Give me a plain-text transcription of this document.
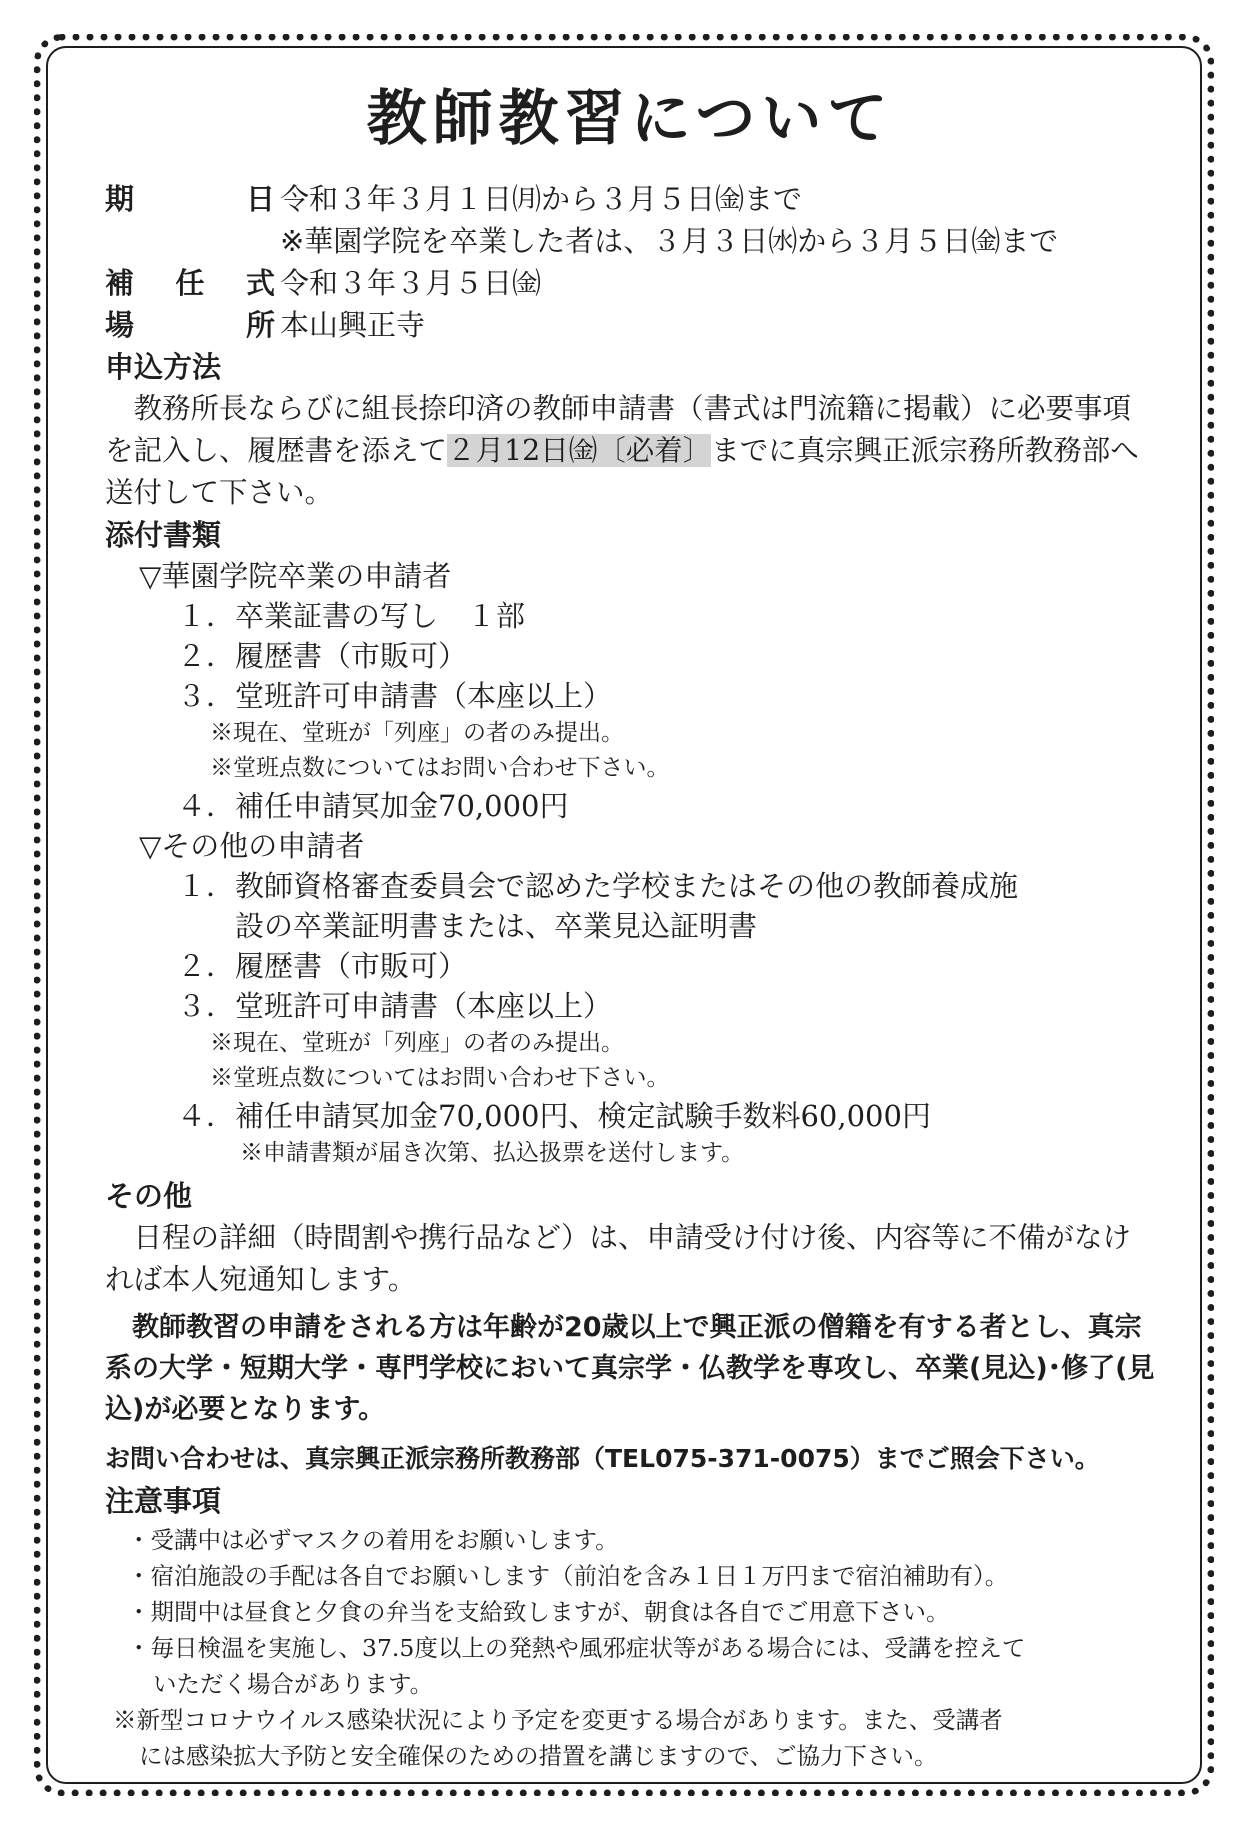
教師教習について
期	日 令和３年３月１日㈪から３月５日㈮まで
※華園学院を卒業した者は、３月３日㈬から３月５日㈮まで
補 任 式 令和３年３月５日㈮
場	所 本山興正寺
申込方法
教務所長ならびに組長捺印済の教師申請書（書式は門流籍に掲載）に必要事項を記入し、履歴書を添えて２月12日㈮〔必着〕までに真宗興正派宗務所教務部へ送付して下さい。
添付書類
▽華園学院卒業の申請者
１．卒業証書の写し　１部
２．履歴書（市販可）
３．堂班許可申請書（本座以上）
※現在、堂班が「列座」の者のみ提出。
※堂班点数についてはお問い合わせ下さい。
４．補任申請冥加金70,000円
▽その他の申請者
１．教師資格審査委員会で認めた学校またはその他の教師養成施
設の卒業証明書または、卒業見込証明書
２．履歴書（市販可）
３．堂班許可申請書（本座以上）
※現在、堂班が「列座」の者のみ提出。
※堂班点数についてはお問い合わせ下さい。
４．補任申請冥加金70,000円、検定試験手数料60,000円
※申請書類が届き次第、払込扱票を送付します。
その他
日程の詳細（時間割や携行品など）は、申請受け付け後、内容等に不備がなければ本人宛通知します。
教師教習の申請をされる方は年齢が20歳以上で興正派の僧籍を有する者とし、真宗系の大学・短期大学・専門学校において真宗学・仏教学を専攻し、卒業(見込)･修了(見込)が必要となります。
お問い合わせは、真宗興正派宗務所教務部（TEL075-371-0075）までご照会下さい。
注意事項
・受講中は必ずマスクの着用をお願いします。
・宿泊施設の手配は各自でお願いします（前泊を含み１日１万円まで宿泊補助有）。
・期間中は昼食と夕食の弁当を支給致しますが、朝食は各自でご用意下さい。
・毎日検温を実施し、37.5度以上の発熱や風邪症状等がある場合には、受講を控えて
いただく場合があります。
※新型コロナウイルス感染状況により予定を変更する場合があります。また、受講者
には感染拡大予防と安全確保のための措置を講じますので、ご協力下さい。
